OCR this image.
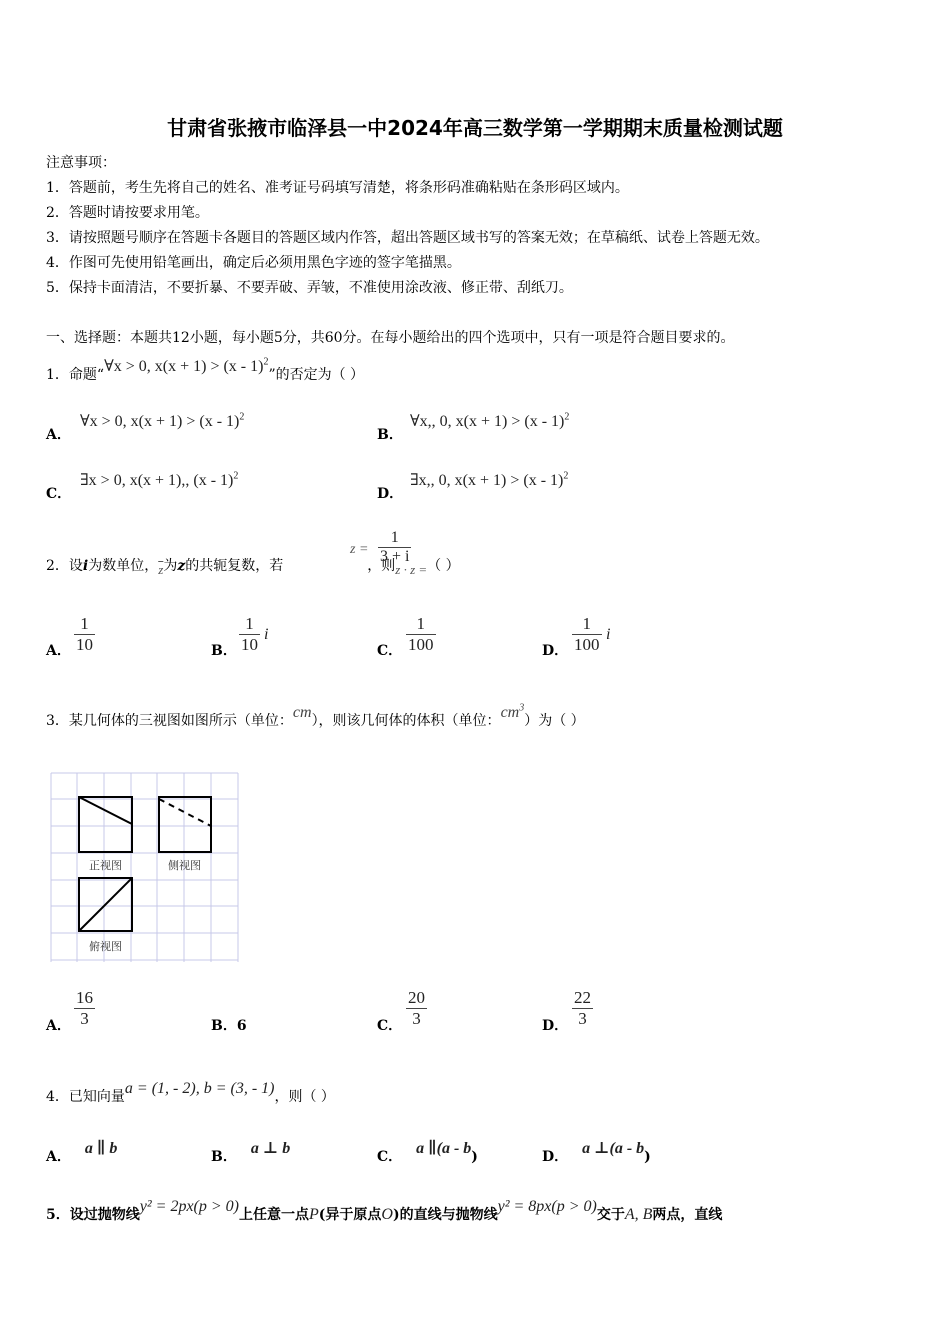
甘肃省张掖市临泽县一中2024年高三数学第一学期期末质量检测试题
注意事项：
1．答题前，考生先将自己的姓名、准考证号码填写清楚，将条形码准确粘贴在条形码区域内。
2．答题时请按要求用笔。
3．请按照题号顺序在答题卡各题目的答题区域内作答，超出答题区域书写的答案无效；在草稿纸、试卷上答题无效。
4．作图可先使用铅笔画出，确定后必须用黑色字迹的签字笔描黑。
5．保持卡面清洁，不要折暴、不要弄破、弄皱，不准使用涂改液、修正带、刮纸刀。
一、选择题：本题共12小题，每小题5分，共60分。在每小题给出的四个选项中，只有一项是符合题目要求的。
1．命题“∀x > 0, x(x + 1) > (x - 1)$^2$”的否定为（ ）
A．
∀x > 0, x(x + 1) > (x - 1)$^2$
B．
∀x,, 0, x(x + 1) > (x - 1)$^2$
C．
∃x > 0, x(x + 1),, (x - 1)$^2$
D．
∃x,, 0, x(x + 1) > (x - 1)$^2$
2．设i为数单位，$\overline{z}$为z的共轭复数，若	，则z · z =（ ）
$z = \frac{1}{3 + i}$
A． $\frac{1}{10}$	B． $\frac{1}{10}$ i
C． $\frac{1}{100}$	D． $\frac{1}{100}$ i
3．某几何体的三视图如图所示（单位：cm），则该几何体的体积（单位：$cm^3$）为（ ）
正视图	侧视图
俯视图
A． $\frac{16}{3}$	B．6	C． $\frac{20}{3}$	D． $\frac{22}{3}$
4．已知向量a = (1, - 2), b = (3, - 1)，则（ ）
A． a ∥ b	B． a ⊥ b	C． a ∥(a - b)	D． a ⊥(a - b)
5．设过抛物线y² = 2px(p > 0)上任意一点P(异于原点O)的直线与抛物线y² = 8px(p > 0)交于A, B两点，直线
